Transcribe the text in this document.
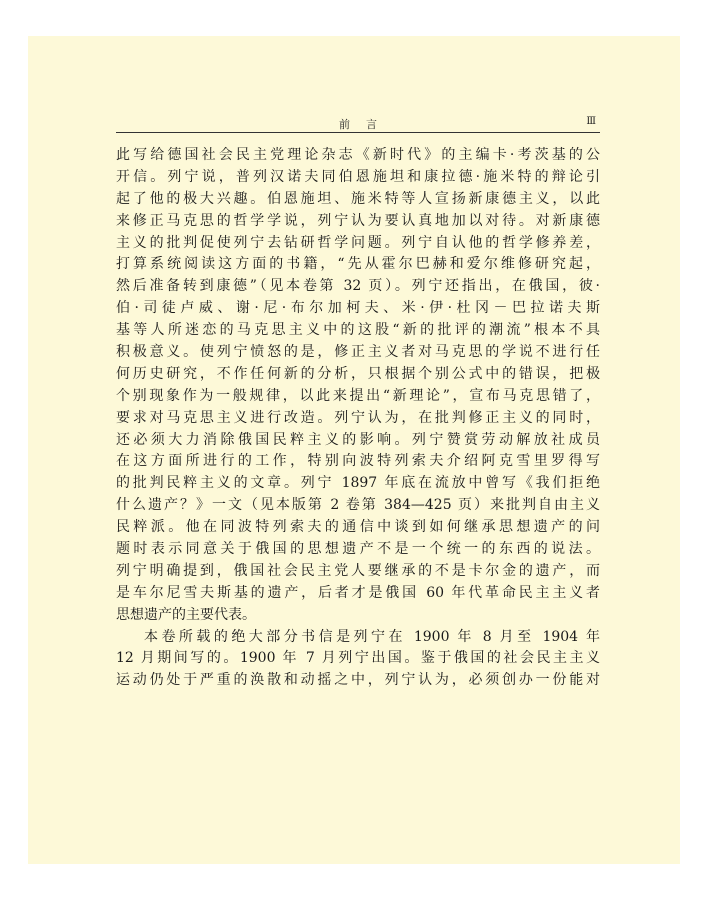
前言	Ⅲ
此写给德国社会民主党理论杂志《新时代》的主编卡·考茨基的公
开信。列宁说，普列汉诺夫同伯恩施坦和康拉德·施米特的辩论引
起了他的极大兴趣。伯恩施坦、施米特等人宣扬新康德主义，以此
来修正马克思的哲学学说，列宁认为要认真地加以对待。对新康德
主义的批判促使列宁去钻研哲学问题。列宁自认他的哲学修养差，
打算系统阅读这方面的书籍，“先从霍尔巴赫和爱尔维修研究起，
然后准备转到康德”（见本卷第 32 页）。列宁还指出，在俄国，彼·
伯·司徒卢威、谢·尼·布尔加柯夫、米·伊·杜冈－巴拉诺夫斯
基等人所迷恋的马克思主义中的这股“新的批评的潮流”根本不具
积极意义。使列宁愤怒的是，修正主义者对马克思的学说不进行任
何历史研究，不作任何新的分析，只根据个别公式中的错误，把极
个别现象作为一般规律，以此来提出“新理论”，宣布马克思错了，
要求对马克思主义进行改造。列宁认为，在批判修正主义的同时，
还必须大力消除俄国民粹主义的影响。列宁赞赏劳动解放社成员
在这方面所进行的工作，特别向波特列索夫介绍阿克雪里罗得写
的批判民粹主义的文章。列宁 1897 年底在流放中曾写《我们拒绝
什么遗产？》一文（见本版第 2 卷第 384—425 页）来批判自由主义
民粹派。他在同波特列索夫的通信中谈到如何继承思想遗产的问
题时表示同意关于俄国的思想遗产不是一个统一的东西的说法。
列宁明确提到，俄国社会民主党人要继承的不是卡尔金的遗产，而
是车尔尼雪夫斯基的遗产，后者才是俄国 60 年代革命民主主义者
思想遗产的主要代表。
本卷所载的绝大部分书信是列宁在 1900 年 8 月至 1904 年
12 月期间写的。1900 年 7 月列宁出国。鉴于俄国的社会民主主义
运动仍处于严重的涣散和动摇之中，列宁认为，必须创办一份能对
